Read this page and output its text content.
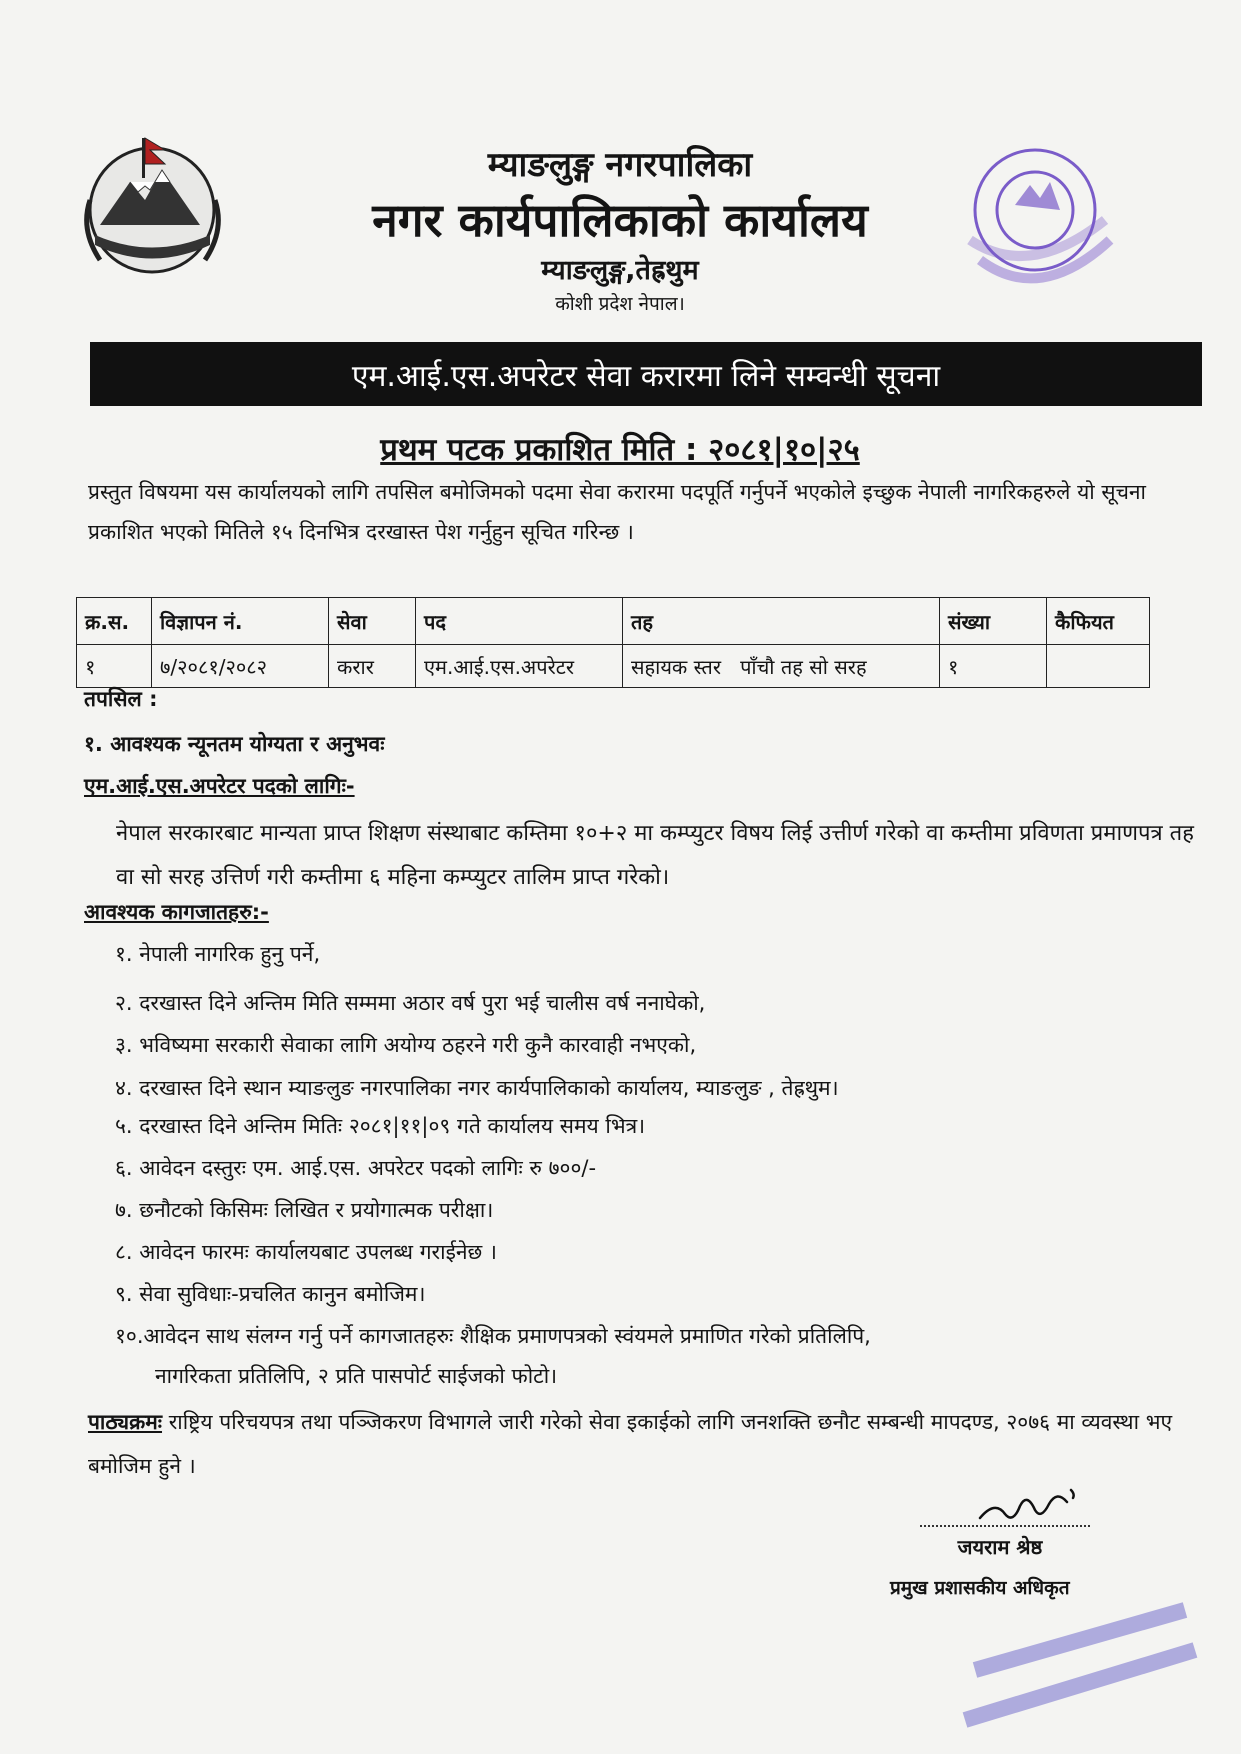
म्याङलुङ्ग नगरपालिका
नगर कार्यपालिकाको कार्यालय
म्याङलुङ्ग,तेह्रथुम
कोशी प्रदेश नेपाल।
एम.आई.एस.अपरेटर सेवा करारमा लिने सम्वन्धी सूचना
प्रथम पटक प्रकाशित मिति : २०८१|१०|२५
प्रस्तुत विषयमा यस कार्यालयको लागि तपसिल बमोजिमको पदमा सेवा करारमा पदपूर्ति गर्नुपर्ने भएकोले इच्छुक नेपाली नागरिकहरुले यो सूचना प्रकाशित भएको मितिले १५ दिनभित्र दरखास्त पेश गर्नुहुन सूचित गरिन्छ ।
क्र.स.	विज्ञापन नं.	सेवा	पद	तह	संख्या	कैफियत
१	७/२०८१/२०८२	करार	एम.आई.एस.अपरेटर	सहायक स्तर   पाँचौ तह सो सरह	१	
तपसिल :
१. आवश्यक न्यूनतम योग्यता र अनुभवः
एम.आई.एस.अपरेटर पदको लागिः-
नेपाल सरकारबाट मान्यता प्राप्त शिक्षण संस्थाबाट कम्तिमा १०+२ मा कम्प्युटर विषय लिई उत्तीर्ण गरेको वा कम्तीमा प्रविणता प्रमाणपत्र तह वा सो सरह उत्तिर्ण गरी कम्तीमा ६ महिना कम्प्युटर तालिम प्राप्त गरेको।
आवश्यक कागजातहरु:-
१. नेपाली नागरिक हुनु पर्ने,
२. दरखास्त दिने अन्तिम मिति सम्ममा अठार वर्ष पुरा भई चालीस वर्ष ननाघेको,
३. भविष्यमा सरकारी सेवाका लागि अयोग्य ठहरने गरी कुनै कारवाही नभएको,
४. दरखास्त दिने स्थान म्याङलुङ नगरपालिका नगर कार्यपालिकाको कार्यालय, म्याङलुङ , तेह्रथुम।
५. दरखास्त दिने अन्तिम मितिः २०८१|११|०९ गते कार्यालय समय भित्र।
६. आवेदन दस्तुरः एम. आई.एस. अपरेटर पदको लागिः रु ७००/-
७. छनौटको किसिमः लिखित र प्रयोगात्मक परीक्षा।
८. आवेदन फारमः कार्यालयबाट उपलब्ध गराईनेछ ।
९. सेवा सुविधाः-प्रचलित कानुन बमोजिम।
१०.आवेदन साथ संलग्न गर्नु पर्ने कागजातहरुः शैक्षिक प्रमाणपत्रको स्वंयमले प्रमाणित गरेको प्रतिलिपि,
नागरिकता प्रतिलिपि, २ प्रति पासपोर्ट साईजको फोटो।
पाठ्यक्रमः राष्ट्रिय परिचयपत्र तथा पञ्जिकरण विभागले जारी गरेको सेवा इकाईको लागि जनशक्ति छनौट सम्बन्धी मापदण्ड, २०७६ मा व्यवस्था भए बमोजिम हुने ।
जयराम श्रेष्ठ
प्रमुख प्रशासकीय अधिकृत
